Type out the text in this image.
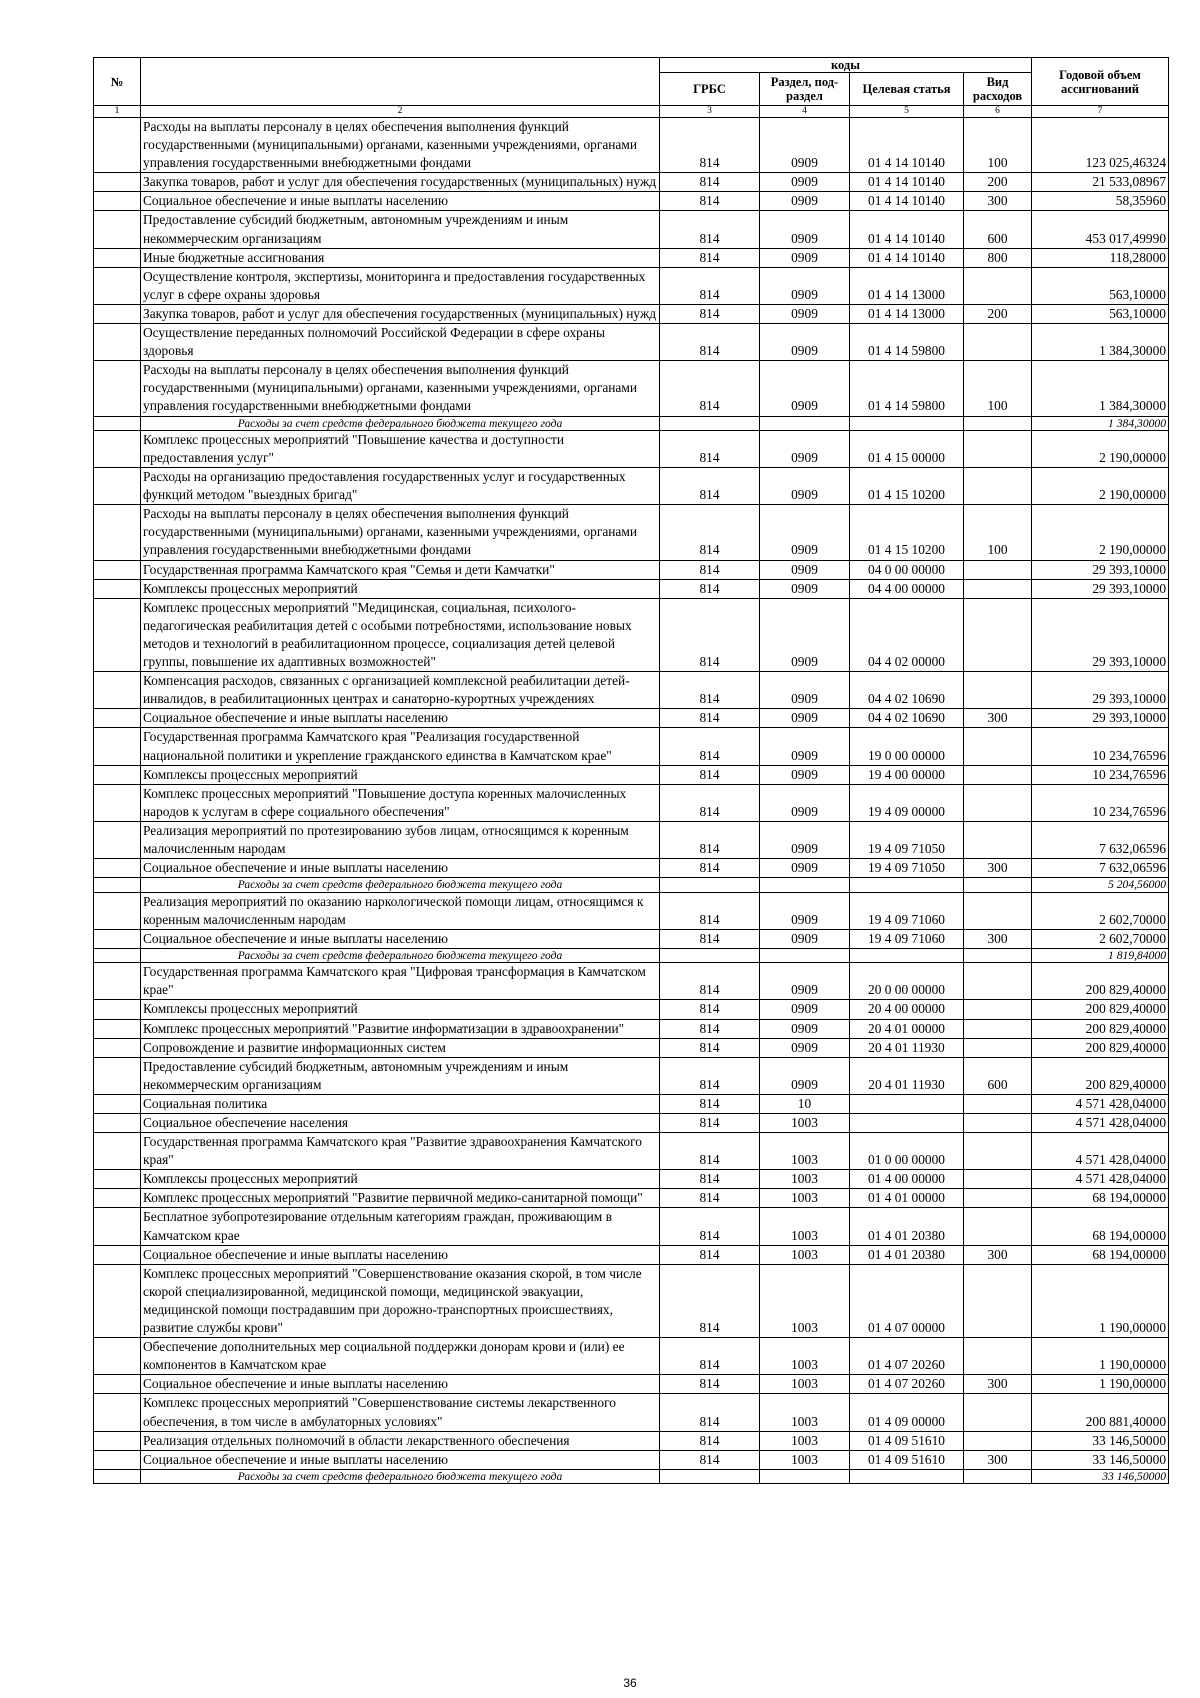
№		коды				Годовой объем ассигнований
		ГРБС	Раздел, под-раздел	Целевая статья	Вид расходов	
1	2	3	4	5	6	7
	Расходы на выплаты персоналу в целях обеспечения выполнения функций государственными (муниципальными) органами, казенными учреждениями, органами управления государственными внебюджетными фондами	814	0909	01 4 14 10140	100	123 025,46324
	Закупка товаров, работ и услуг для обеспечения государственных (муниципальных) нужд	814	0909	01 4 14 10140	200	21 533,08967
	Социальное обеспечение и иные выплаты населению	814	0909	01 4 14 10140	300	58,35960
	Предоставление субсидий бюджетным, автономным учреждениям и иным некоммерческим организациям	814	0909	01 4 14 10140	600	453 017,49990
	Иные бюджетные ассигнования	814	0909	01 4 14 10140	800	118,28000
	Осуществление контроля, экспертизы, мониторинга и предоставления государственных услуг в сфере охраны здоровья	814	0909	01 4 14 13000		563,10000
	Закупка товаров, работ и услуг для обеспечения государственных (муниципальных) нужд	814	0909	01 4 14 13000	200	563,10000
	Осуществление переданных полномочий Российской Федерации в сфере охраны здоровья	814	0909	01 4 14 59800		1 384,30000
	Расходы на выплаты персоналу в целях обеспечения выполнения функций государственными (муниципальными) органами, казенными учреждениями, органами управления государственными внебюджетными фондами	814	0909	01 4 14 59800	100	1 384,30000
	Расходы за счет средств федерального бюджета текущего года					1 384,30000
	Комплекс процессных мероприятий "Повышение качества и доступности предоставления услуг"	814	0909	01 4 15 00000		2 190,00000
	Расходы на организацию предоставления государственных услуг и государственных функций методом "выездных бригад"	814	0909	01 4 15 10200		2 190,00000
	Расходы на выплаты персоналу в целях обеспечения выполнения функций государственными (муниципальными) органами, казенными учреждениями, органами управления государственными внебюджетными фондами	814	0909	01 4 15 10200	100	2 190,00000
	Государственная программа Камчатского края "Семья и дети Камчатки"	814	0909	04 0 00 00000		29 393,10000
	Комплексы процессных мероприятий	814	0909	04 4 00 00000		29 393,10000
	Комплекс процессных мероприятий "Медицинская, социальная, психолого-педагогическая реабилитация детей с особыми потребностями, использование новых методов и технологий в реабилитационном процессе, социализация детей целевой группы, повышение их адаптивных возможностей"	814	0909	04 4 02 00000		29 393,10000
	Компенсация расходов, связанных с организацией комплексной реабилитации детей-инвалидов, в реабилитационных центрах и санаторно-курортных учреждениях	814	0909	04 4 02 10690		29 393,10000
	Социальное обеспечение и иные выплаты населению	814	0909	04 4 02 10690	300	29 393,10000
	Государственная программа Камчатского края "Реализация государственной национальной политики и укрепление гражданского единства в Камчатском крае"	814	0909	19 0 00 00000		10 234,76596
	Комплексы процессных мероприятий	814	0909	19 4 00 00000		10 234,76596
	Комплекс процессных мероприятий "Повышение доступа коренных малочисленных народов к услугам в сфере социального обеспечения"	814	0909	19 4 09 00000		10 234,76596
	Реализация мероприятий по протезированию зубов лицам, относящимся к коренным малочисленным народам	814	0909	19 4 09 71050		7 632,06596
	Социальное обеспечение и иные выплаты населению	814	0909	19 4 09 71050	300	7 632,06596
	Расходы за счет средств федерального бюджета текущего года					5 204,56000
	Реализация мероприятий по оказанию наркологической помощи лицам, относящимся к коренным малочисленным народам	814	0909	19 4 09 71060		2 602,70000
	Социальное обеспечение и иные выплаты населению	814	0909	19 4 09 71060	300	2 602,70000
	Расходы за счет средств федерального бюджета текущего года					1 819,84000
	Государственная программа Камчатского края "Цифровая трансформация в Камчатском крае"	814	0909	20 0 00 00000		200 829,40000
	Комплексы процессных мероприятий	814	0909	20 4 00 00000		200 829,40000
	Комплекс процессных мероприятий "Развитие информатизации в здравоохранении"	814	0909	20 4 01 00000		200 829,40000
	Сопровождение и развитие информационных систем	814	0909	20 4 01 11930		200 829,40000
	Предоставление субсидий бюджетным, автономным учреждениям и иным некоммерческим организациям	814	0909	20 4 01 11930	600	200 829,40000
	Социальная политика	814	10			4 571 428,04000
	Социальное обеспечение населения	814	1003			4 571 428,04000
	Государственная программа Камчатского края "Развитие здравоохранения Камчатского края"	814	1003	01 0 00 00000		4 571 428,04000
	Комплексы процессных мероприятий	814	1003	01 4 00 00000		4 571 428,04000
	Комплекс процессных мероприятий "Развитие первичной медико-санитарной помощи"	814	1003	01 4 01 00000		68 194,00000
	Бесплатное зубопротезирование отдельным категориям граждан, проживающим в Камчатском крае	814	1003	01 4 01 20380		68 194,00000
	Социальное обеспечение и иные выплаты населению	814	1003	01 4 01 20380	300	68 194,00000
	Комплекс процессных мероприятий "Совершенствование оказания скорой, в том числе скорой специализированной, медицинской помощи, медицинской эвакуации, медицинской помощи пострадавшим при дорожно-транспортных происшествиях, развитие службы крови"	814	1003	01 4 07 00000		1 190,00000
	Обеспечение дополнительных мер социальной поддержки донорам крови и (или) ее компонентов в Камчатском крае	814	1003	01 4 07 20260		1 190,00000
	Социальное обеспечение и иные выплаты населению	814	1003	01 4 07 20260	300	1 190,00000
	Комплекс процессных мероприятий "Совершенствование системы лекарственного обеспечения, в том числе в амбулаторных условиях"	814	1003	01 4 09 00000		200 881,40000
	Реализация отдельных полномочий в области лекарственного обеспечения	814	1003	01 4 09 51610		33 146,50000
	Социальное обеспечение и иные выплаты населению	814	1003	01 4 09 51610	300	33 146,50000
	Расходы за счет средств федерального бюджета текущего года					33 146,50000
36
